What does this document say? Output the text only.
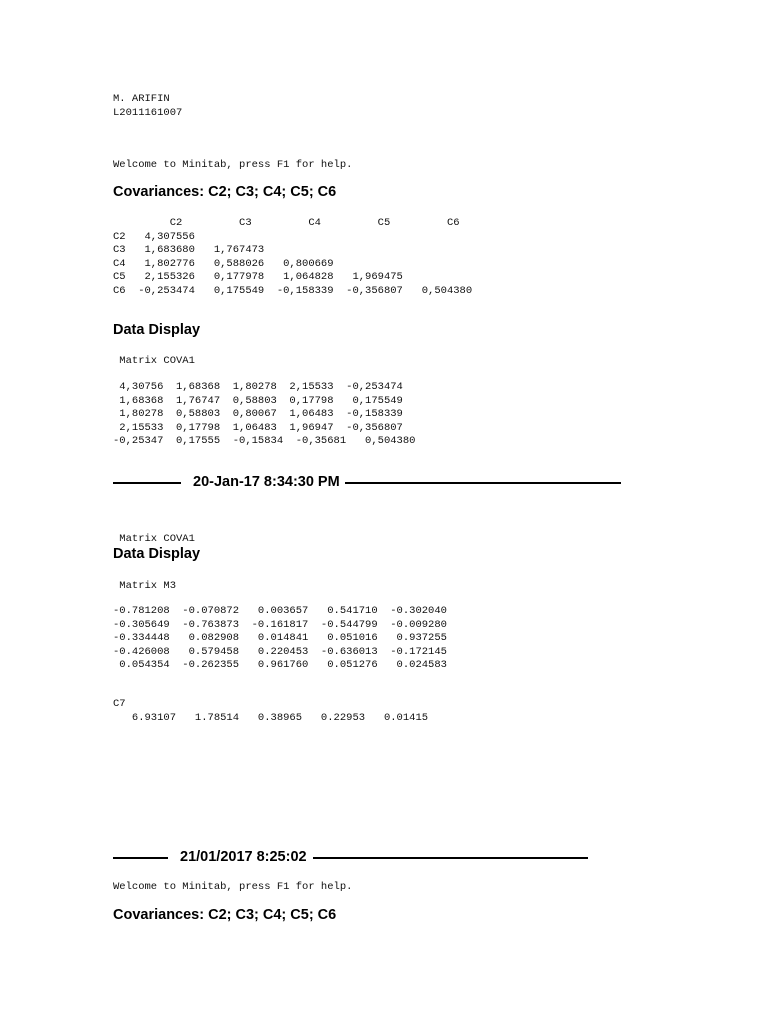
M. ARIFIN
L2011161007
Welcome to Minitab, press F1 for help.
Covariances: C2; C3; C4; C5; C6
C2         C3         C4         C5         C6
C2   4,307556
C3   1,683680   1,767473
C4   1,802776   0,588026   0,800669
C5   2,155326   0,177978   1,064828   1,969475
C6  -0,253474   0,175549  -0,158339  -0,356807   0,504380
Data Display
Matrix COVA1
4,30756  1,68368  1,80278  2,15533  -0,253474
1,68368  1,76747  0,58803  0,17798   0,175549
1,80278  0,58803  0,80067  1,06483  -0,158339
2,15533  0,17798  1,06483  1,96947  -0,356807
-0,25347  0,17555  -0,15834  -0,35681   0,504380
20-Jan-17 8:34:30 PM
Matrix COVA1
Data Display
Matrix M3
-0.781208  -0.070872   0.003657   0.541710  -0.302040
-0.305649  -0.763873  -0.161817  -0.544799  -0.009280
-0.334448   0.082908   0.014841   0.051016   0.937255
-0.426008   0.579458   0.220453  -0.636013  -0.172145
0.054354  -0.262355   0.961760   0.051276   0.024583
C7
6.93107   1.78514   0.38965   0.22953   0.01415
21/01/2017 8:25:02
Welcome to Minitab, press F1 for help.
Covariances: C2; C3; C4; C5; C6
